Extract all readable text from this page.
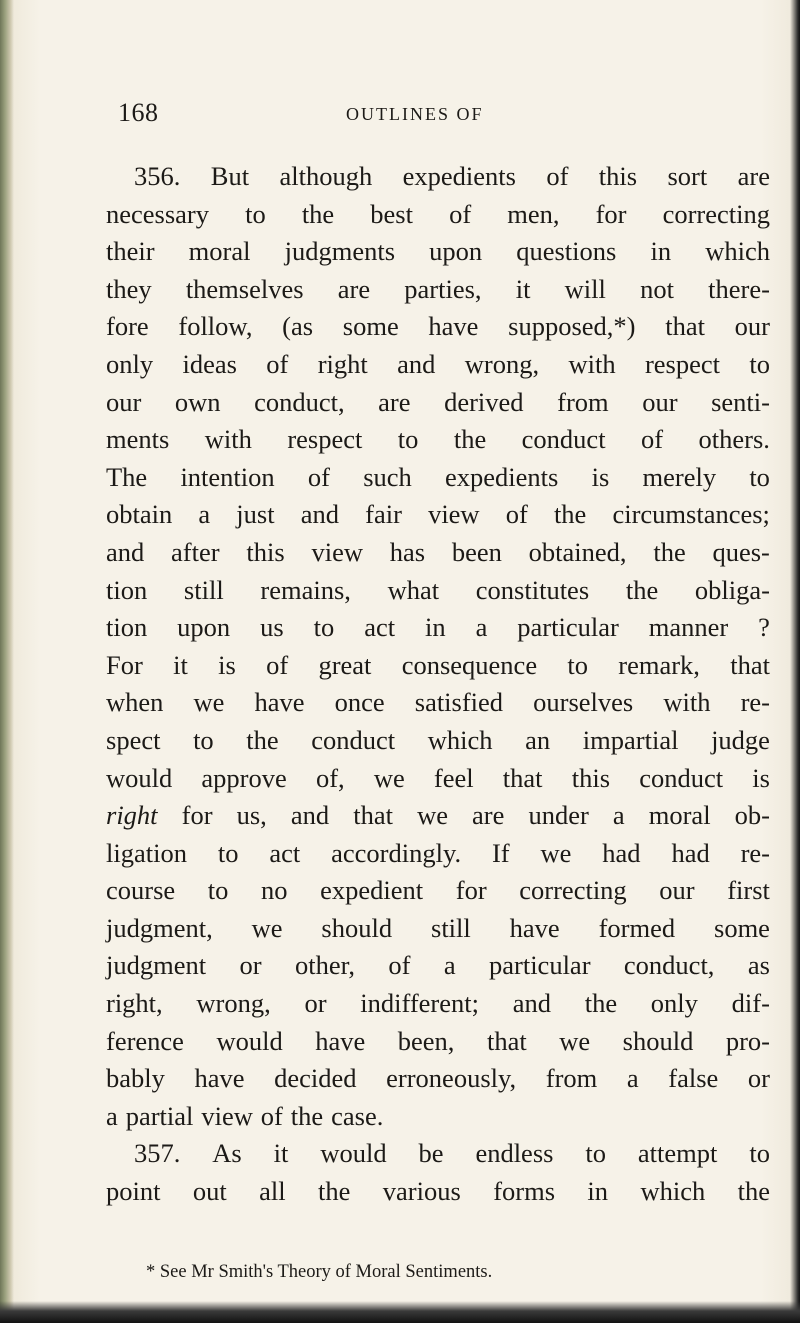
168	OUTLINES OF
356. But although expedients of this sort are
necessary to the best of men, for correcting
their moral judgments upon questions in which
they themselves are parties, it will not there-
fore follow, (as some have supposed,*) that our
only ideas of right and wrong, with respect to
our own conduct, are derived from our senti-
ments with respect to the conduct of others.
The intention of such expedients is merely to
obtain a just and fair view of the circumstances;
and after this view has been obtained, the ques-
tion still remains, what constitutes the obliga-
tion upon us to act in a particular manner ?
For it is of great consequence to remark, that
when we have once satisfied ourselves with re-
spect to the conduct which an impartial judge
would approve of, we feel that this conduct is
right for us, and that we are under a moral ob-
ligation to act accordingly. If we had had re-
course to no expedient for correcting our first
judgment, we should still have formed some
judgment or other, of a particular conduct, as
right, wrong, or indifferent; and the only dif-
ference would have been, that we should pro-
bably have decided erroneously, from a false or
a partial view of the case.
357. As it would be endless to attempt to
point out all the various forms in which the
* See Mr Smith's Theory of Moral Sentiments.
